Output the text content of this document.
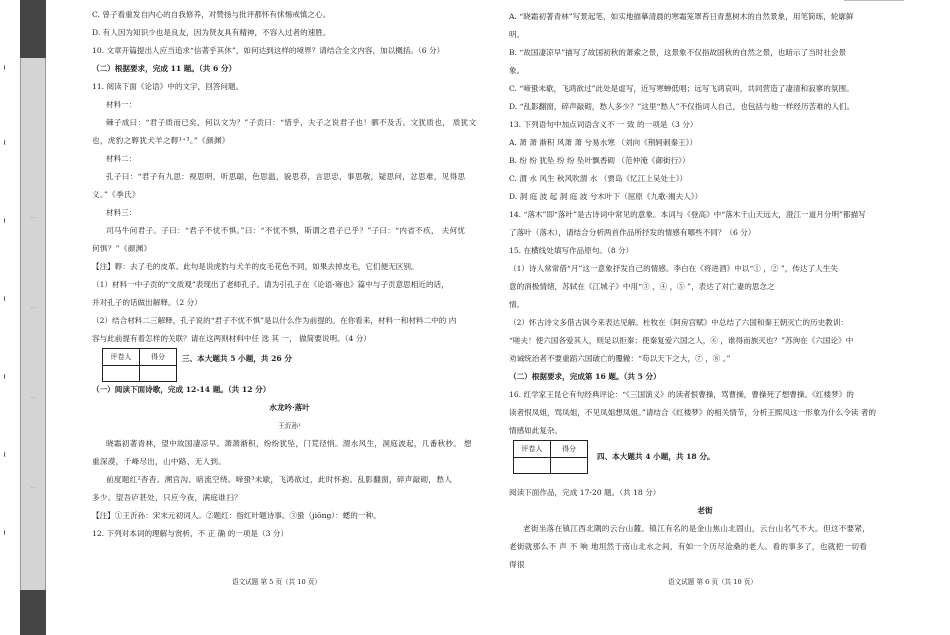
…
…
…
…
C. 曾子看重发自内心的自我修养，对赞扬与批评都怀有怵惕戒慎之心。
D. 有人因为知识少也是良友，因为贤友具有精神，不容入过者的速胜。
10. 文章开篇提出人应当追求“信著乎其休”，如何达到这样的境界？请结合全文内容，加以概括。（6 分）
（二）根据要求，完成 11 题。（共 6 分）
11. 阅读下面《论语》中的文字，回答问题。
材料一：
棘子成曰：“君子质而已矣，何以文为？”子贡曰：“惜乎，夫子之说君子也！驷不及舌。文犹质也， 质犹文
也，虎豹之鞟犹犬羊之鞟¹⁺³。”《颜渊》
材料二：
孔子曰：“君子有九思：视思明，听思聪，色思温，貌思恭，言思忠，事思敬，疑思问，忿思难，见得思
义。”《季氏》
材料三：
司马牛问君子。子曰：“君子不忧不惧。”曰：“不忧不惧，斯谓之君子已乎？”子曰：“内省不疚， 夫何忧
何惧？”《颜渊》
【注】鞟：去了毛的皮革。此句是说虎豹与犬羊的皮毛花色不同，如果去掉皮毛，它们便无区别。
（1）材料一中子贡的“文质观”表现出了老师孔子。请为引孔子在《论语·雍也》篇中与子贡意思相近的话，
并对孔子的话做出解释。（2 分）
（2）结合材料二三解释，孔子说的“君子不忧不惧”是以什么作为前提的。在你看来，材料一和材料二中的 内
容与此前提有着怎样的关联？请在这两则材料中任 选 其 一， 做简要说明。（4 分）
评卷人	得分
	三、本大题共 5 小题，共 26 分
（一）阅读下面诗歌，完成 12-14 题。（共 12 分）
水龙吟·落叶
王沂孙¹
晓霜初著青林，望中故国凄凉早。萧萧渐积，纷纷犹坠，门荒径悄。渭水风生，洞庭波起，几番秋杪。 想
重深漠，千峰尽出，山中路、无人到。
前度题红²杳杳。溯宫沟、暗流空绕。啼蛩³未歇，飞鸿欲过，此时怀抱。乱影翻窗，碎声敲砌，愁人
多少。望吾庐甚处，只应今夜，满庭谁扫？
【注】①王沂孙：宋末元初词人。②题红：指红叶题诗事。③蛩（jiōng）：蟋的一种。
12. 下列对本词的理解与赏析，不 正 确 的一项是（3 分）
语文试题 第 5 页（共 10 页）
A. “晓霜初著青林”写景起笔，如实地描摹清晨的寒霜笼罩苔日青葱树木的自然景象，用笔简练，轮廓鲜
明。
B. “故国凄凉早”描写了故国初秋的萧索之景，这景象不仅指故国秋的自然之景，也暗示了当时社会景
象。
C. “啼蛩未歇，飞鸿欲过”此处是虚写，近写寒蝉低唱；远写飞鸿哀叫，共同营造了凄清和寂寥的氛围。
D. “乱影翻窗，碎声敲砌，愁人多少？”这里“愁人”不仅指词人自己，也包括与他一样经历苦难的人们。
13. 下列语句中加点词语含义不 一 致 的一项是（3 分）
A. 萧 萧 渐积 风萧 萧 兮易水寒 （刘向《荆轲刺秦王》）
B. 纷 纷 犹坠 纷 纷 坠叶飘香砌 （范仲淹《御街行》）
C. 渭 水 风生 秋风吹渭 水 （贾岛《忆江上吴处士》）
D. 洞 庭 波 起 洞 庭 波 兮木叶下（屈原《九歌·湘夫人》）
14. “落木”即“落叶”是古诗词中常见的意象。本词与《登高》中“落木千山天远大，澄江一道月分明”都描写
了落叶（落木），请结合分析两首作品所抒发的情感有哪些不同？（6 分）
15. 在横线处填写作品原句。（8 分）
（1）诗人常常借“月”这一意象抒发自己的情感。李白在《将进酒》中以“① ，② ”，传达了人生失
意的消极情绪，苏轼在《江城子》中用“③ ，④ ，⑤ ”，表达了对亡妻的思念之
情。
（2）怀古诗文多借古讽今来表达见解。杜牧在《阿房宫赋》中总结了六国和秦王朝灭亡的历史教训：
“嗟夫！使六国各爱其人，则足以拒秦；使秦复爱六国之人，⑥ ，谁得而族灭也？”苏洵在《六国论》中
劝诫统治者不要重蹈六国破亡的覆辙：“苟以天下之大，⑦ ，⑧ 。”
（二）根据要求，完成第 16 题。（共 5 分）
16. 红学家王昆仑有句经典评论：“《三国演义》的读者恨曹操，骂曹操，曹操死了想曹操。《红楼梦》的
读者恨凤姐，骂凤姐，不见凤姐想凤姐。”请结合《红楼梦》的相关情节，分析王熙凤这一形象为什么令读 者的
情感如此复杂。
评卷人	得分

四、本大题共 4 小题，共 18 分。
阅读下面作品，完成 17-20 题。（共 18 分）
老街
老街坐落在镇江西北隅的云台山麓。镇江有名的是金山焦山北固山，云台山名气不大。但这不要紧，
老街就那么不 声 不 响 地坦然于南山北水之间，有如一个历尽沧桑的老人。看的事多了，也就把一切看
得很
语文试题 第 6 页（共 10 页）
